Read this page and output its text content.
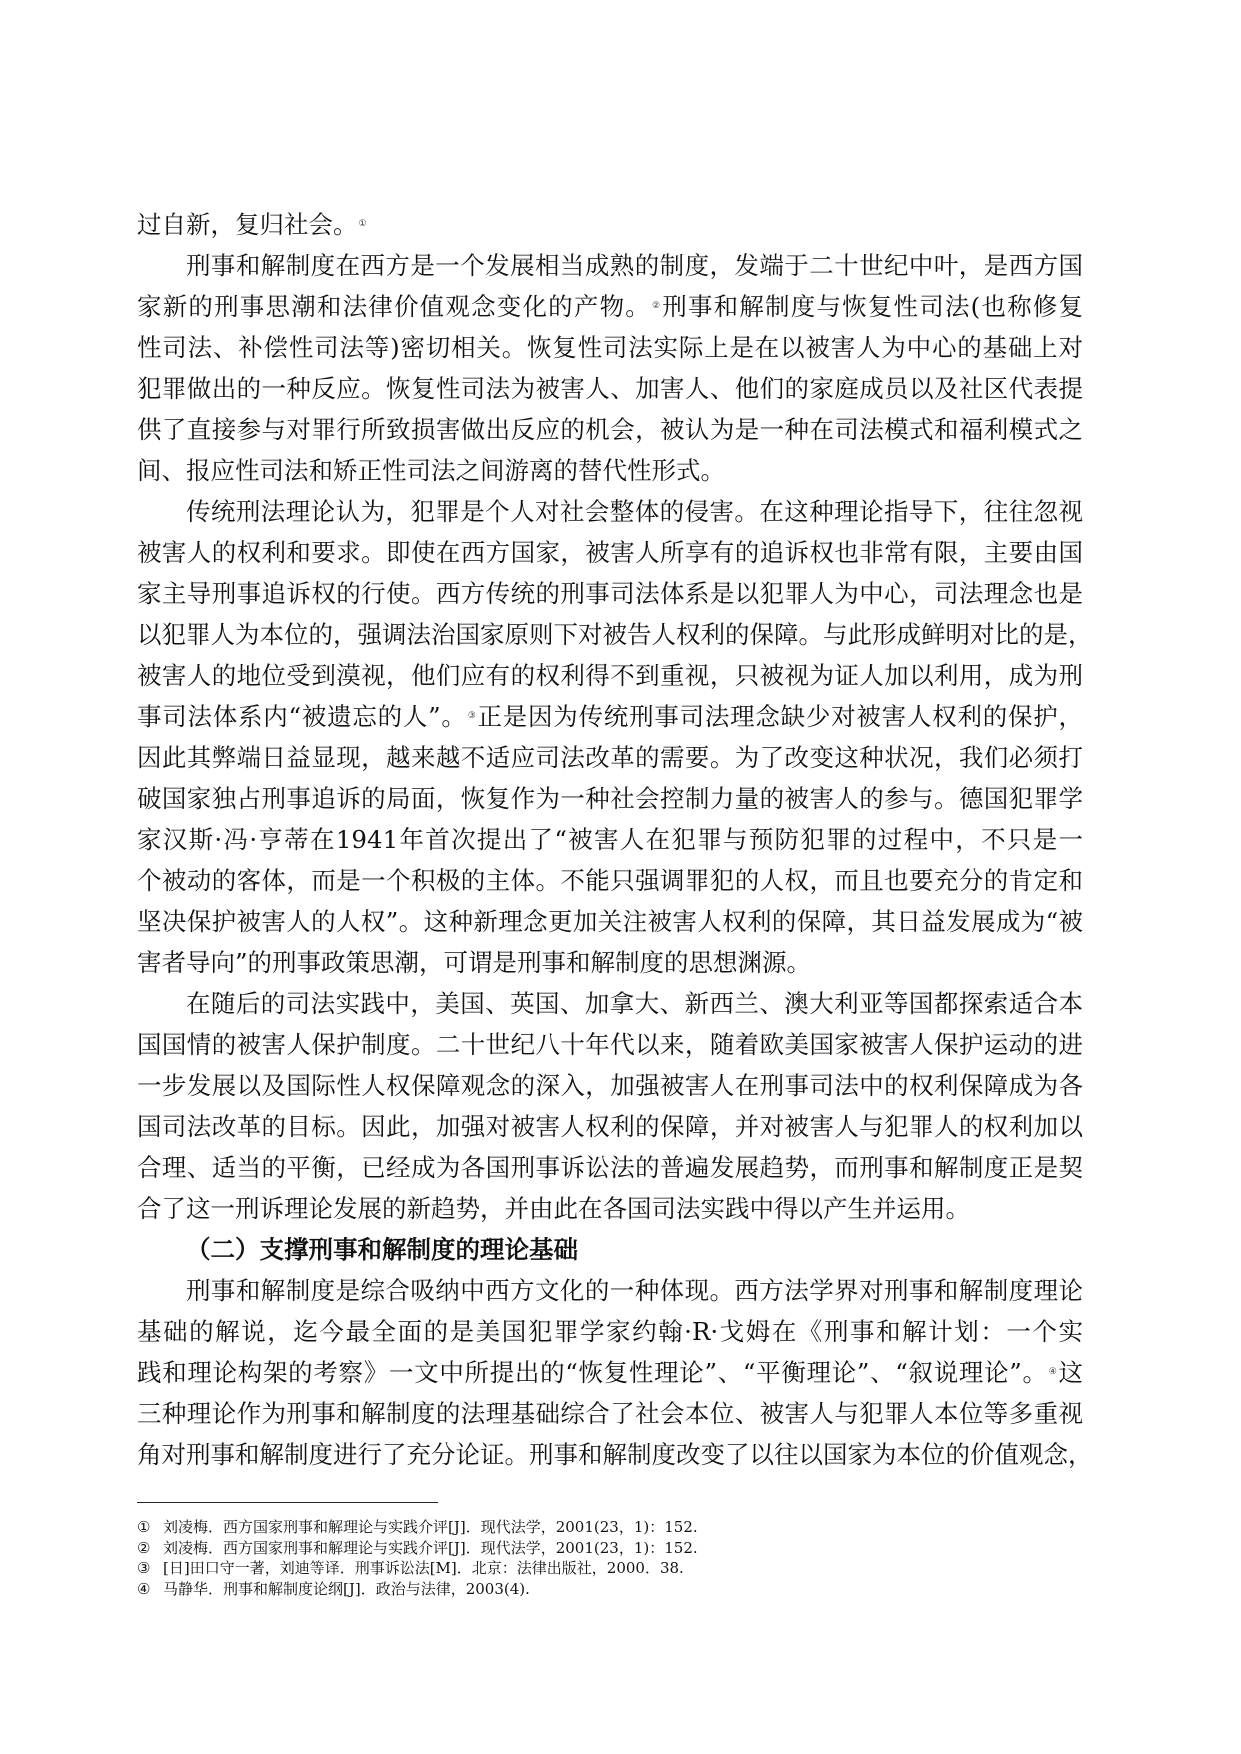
过自新，复归社会。①
刑事和解制度在西方是一个发展相当成熟的制度，发端于二十世纪中叶，是西方国
家新的刑事思潮和法律价值观念变化的产物。②刑事和解制度与恢复性司法(也称修复
性司法、补偿性司法等)密切相关。恢复性司法实际上是在以被害人为中心的基础上对
犯罪做出的一种反应。恢复性司法为被害人、加害人、他们的家庭成员以及社区代表提
供了直接参与对罪行所致损害做出反应的机会，被认为是一种在司法模式和福利模式之
间、报应性司法和矫正性司法之间游离的替代性形式。
传统刑法理论认为，犯罪是个人对社会整体的侵害。在这种理论指导下，往往忽视
被害人的权利和要求。即使在西方国家，被害人所享有的追诉权也非常有限，主要由国
家主导刑事追诉权的行使。西方传统的刑事司法体系是以犯罪人为中心，司法理念也是
以犯罪人为本位的，强调法治国家原则下对被告人权利的保障。与此形成鲜明对比的是，
被害人的地位受到漠视，他们应有的权利得不到重视，只被视为证人加以利用，成为刑
事司法体系内“被遗忘的人”。③正是因为传统刑事司法理念缺少对被害人权利的保护，
因此其弊端日益显现，越来越不适应司法改革的需要。为了改变这种状况，我们必须打
破国家独占刑事追诉的局面，恢复作为一种社会控制力量的被害人的参与。德国犯罪学
家汉斯·冯·亨蒂在1941年首次提出了“被害人在犯罪与预防犯罪的过程中，不只是一
个被动的客体，而是一个积极的主体。不能只强调罪犯的人权，而且也要充分的肯定和
坚决保护被害人的人权”。这种新理念更加关注被害人权利的保障，其日益发展成为“被
害者导向”的刑事政策思潮，可谓是刑事和解制度的思想渊源。
在随后的司法实践中，美国、英国、加拿大、新西兰、澳大利亚等国都探索适合本
国国情的被害人保护制度。二十世纪八十年代以来，随着欧美国家被害人保护运动的进
一步发展以及国际性人权保障观念的深入，加强被害人在刑事司法中的权利保障成为各
国司法改革的目标。因此，加强对被害人权利的保障，并对被害人与犯罪人的权利加以
合理、适当的平衡，已经成为各国刑事诉讼法的普遍发展趋势，而刑事和解制度正是契
合了这一刑诉理论发展的新趋势，并由此在各国司法实践中得以产生并运用。
（二）支撑刑事和解制度的理论基础
刑事和解制度是综合吸纳中西方文化的一种体现。西方法学界对刑事和解制度理论
基础的解说，迄今最全面的是美国犯罪学家约翰·R·戈姆在《刑事和解计划：一个实
践和理论构架的考察》一文中所提出的“恢复性理论”、“平衡理论”、“叙说理论”。④这
三种理论作为刑事和解制度的法理基础综合了社会本位、被害人与犯罪人本位等多重视
角对刑事和解制度进行了充分论证。刑事和解制度改变了以往以国家为本位的价值观念，
① 刘凌梅．西方国家刑事和解理论与实践介评[J]．现代法学，2001(23，1)：152.
② 刘凌梅．西方国家刑事和解理论与实践介评[J]．现代法学，2001(23，1)：152.
③ [日]田口守一著，刘迪等译．刑事诉讼法[M]．北京：法律出版社，2000．38.
④ 马静华．刑事和解制度论纲[J]．政治与法律，2003(4).
